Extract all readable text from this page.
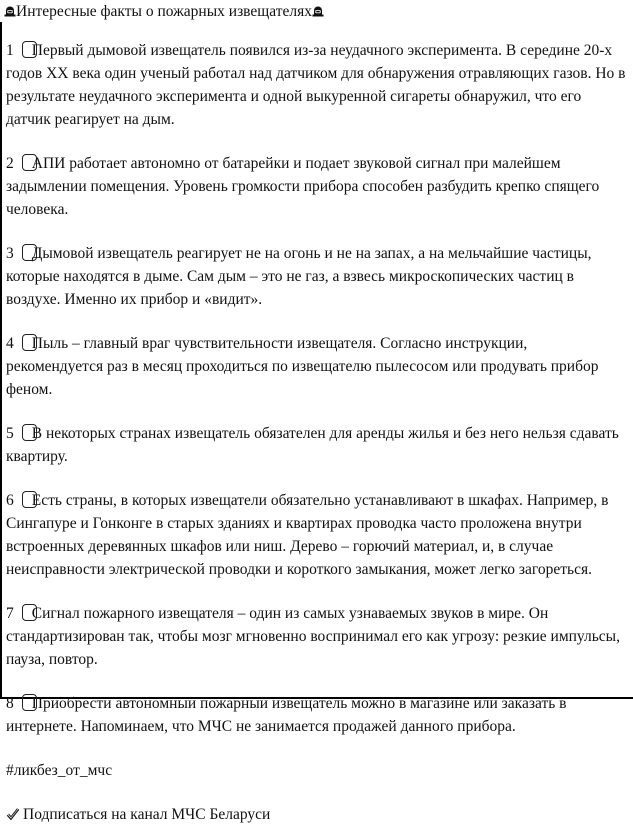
Интересные факты о пожарных извещателях
1 Первый дымовой извещатель появился из-за неудачного эксперимента. В середине 20-х годов XX века один ученый работал над датчиком для обнаружения отравляющих газов. Но в результате неудачного эксперимента и одной выкуренной сигареты обнаружил, что его датчик реагирует на дым.
2 АПИ работает автономно от батарейки и подает звуковой сигнал при малейшем задымлении помещения. Уровень громкости прибора способен разбудить крепко спящего человека.
3 Дымовой извещатель реагирует не на огонь и не на запах, а на мельчайшие частицы, которые находятся в дыме. Сам дым – это не газ, а взвесь микроскопических частиц в воздухе. Именно их прибор и «видит».
4 Пыль – главный враг чувствительности извещателя. Согласно инструкции, рекомендуется раз в месяц проходиться по извещателю пылесосом или продувать прибор феном.
5 В некоторых странах извещатель обязателен для аренды жилья и без него нельзя сдавать квартиру.
6 Есть страны, в которых извещатели обязательно устанавливают в шкафах. Например, в Сингапуре и Гонконге в старых зданиях и квартирах проводка часто проложена внутри встроенных деревянных шкафов или ниш. Дерево – горючий материал, и, в случае неисправности электрической проводки и короткого замыкания, может легко загореться.
7 Сигнал пожарного извещателя – один из самых узнаваемых звуков в мире. Он стандартизирован так, чтобы мозг мгновенно воспринимал его как угрозу: резкие импульсы, пауза, повтор.
8 Приобрести автономный пожарный извещатель можно в магазине или заказать в интернете. Напоминаем, что МЧС не занимается продажей данного прибора.
#ликбез_от_мчс
Подписаться на канал МЧС Беларуси
